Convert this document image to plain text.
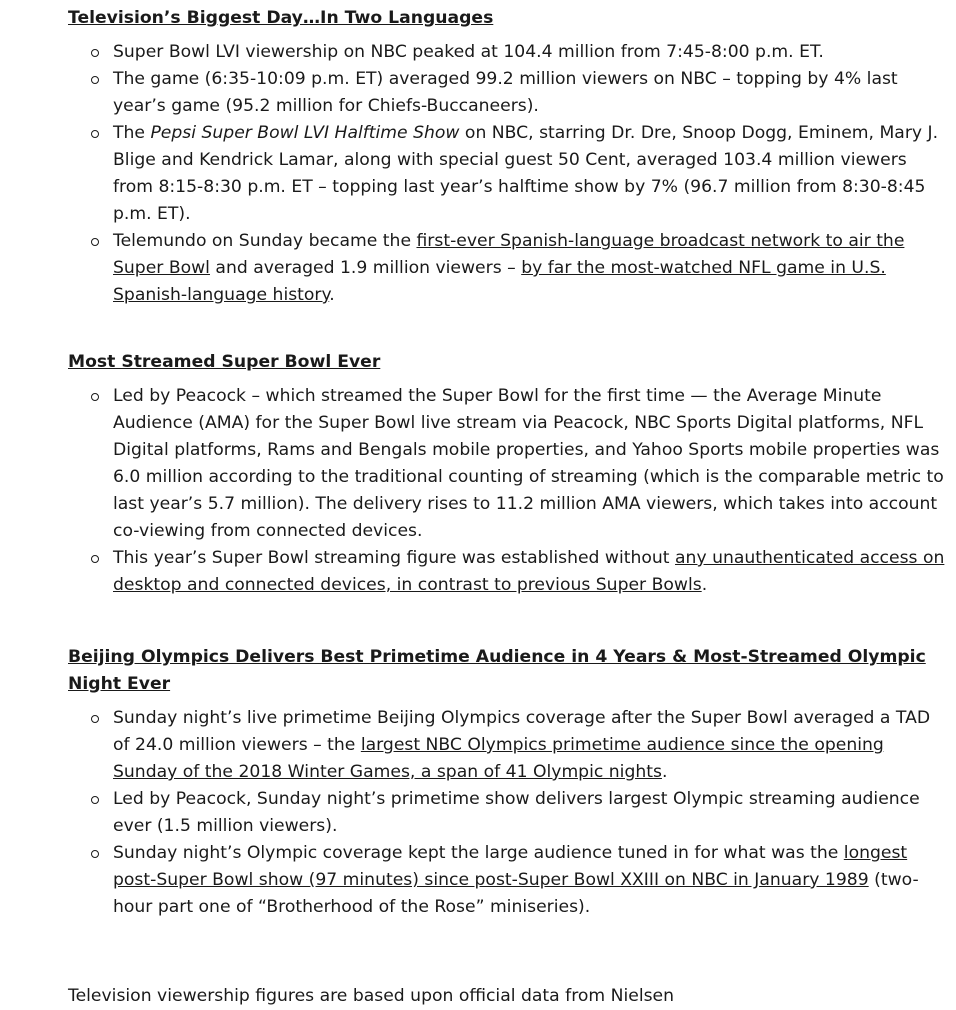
Television’s Biggest Day…In Two Languages

Super Bowl LVI viewership on NBC peaked at 104.4 million from 7:45-8:00 p.m. ET.
The game (6:35-10:09 p.m. ET) averaged 99.2 million viewers on NBC – topping by 4% last year’s game (95.2 million for Chiefs-Buccaneers).
The Pepsi Super Bowl LVI Halftime Show on NBC, starring Dr. Dre, Snoop Dogg, Eminem, Mary J. Blige and Kendrick Lamar, along with special guest 50 Cent, averaged 103.4 million viewers from 8:15-8:30 p.m. ET – topping last year’s halftime show by 7% (96.7 million from 8:30-8:45 p.m. ET).
Telemundo on Sunday became the first-ever Spanish-language broadcast network to air the Super Bowl and averaged 1.9 million viewers – by far the most-watched NFL game in U.S. Spanish-language history.

Most Streamed Super Bowl Ever

Led by Peacock – which streamed the Super Bowl for the first time — the Average Minute Audience (AMA) for the Super Bowl live stream via Peacock, NBC Sports Digital platforms, NFL Digital platforms, Rams and Bengals mobile properties, and Yahoo Sports mobile properties was 6.0 million according to the traditional counting of streaming (which is the comparable metric to last year’s 5.7 million). The delivery rises to 11.2 million AMA viewers, which takes into account co-viewing from connected devices.
This year’s Super Bowl streaming figure was established without any unauthenticated access on desktop and connected devices, in contrast to previous Super Bowls.

Beijing Olympics Delivers Best Primetime Audience in 4 Years & Most-Streamed Olympic Night Ever

Sunday night’s live primetime Beijing Olympics coverage after the Super Bowl averaged a TAD of 24.0 million viewers – the largest NBC Olympics primetime audience since the opening Sunday of the 2018 Winter Games, a span of 41 Olympic nights.
Led by Peacock, Sunday night’s primetime show delivers largest Olympic streaming audience ever (1.5 million viewers).
Sunday night’s Olympic coverage kept the large audience tuned in for what was the longest post-Super Bowl show (97 minutes) since post-Super Bowl XXIII on NBC in January 1989 (two-hour part one of “Brotherhood of the Rose” miniseries).
Television viewership figures are based upon official data from Nielsen
